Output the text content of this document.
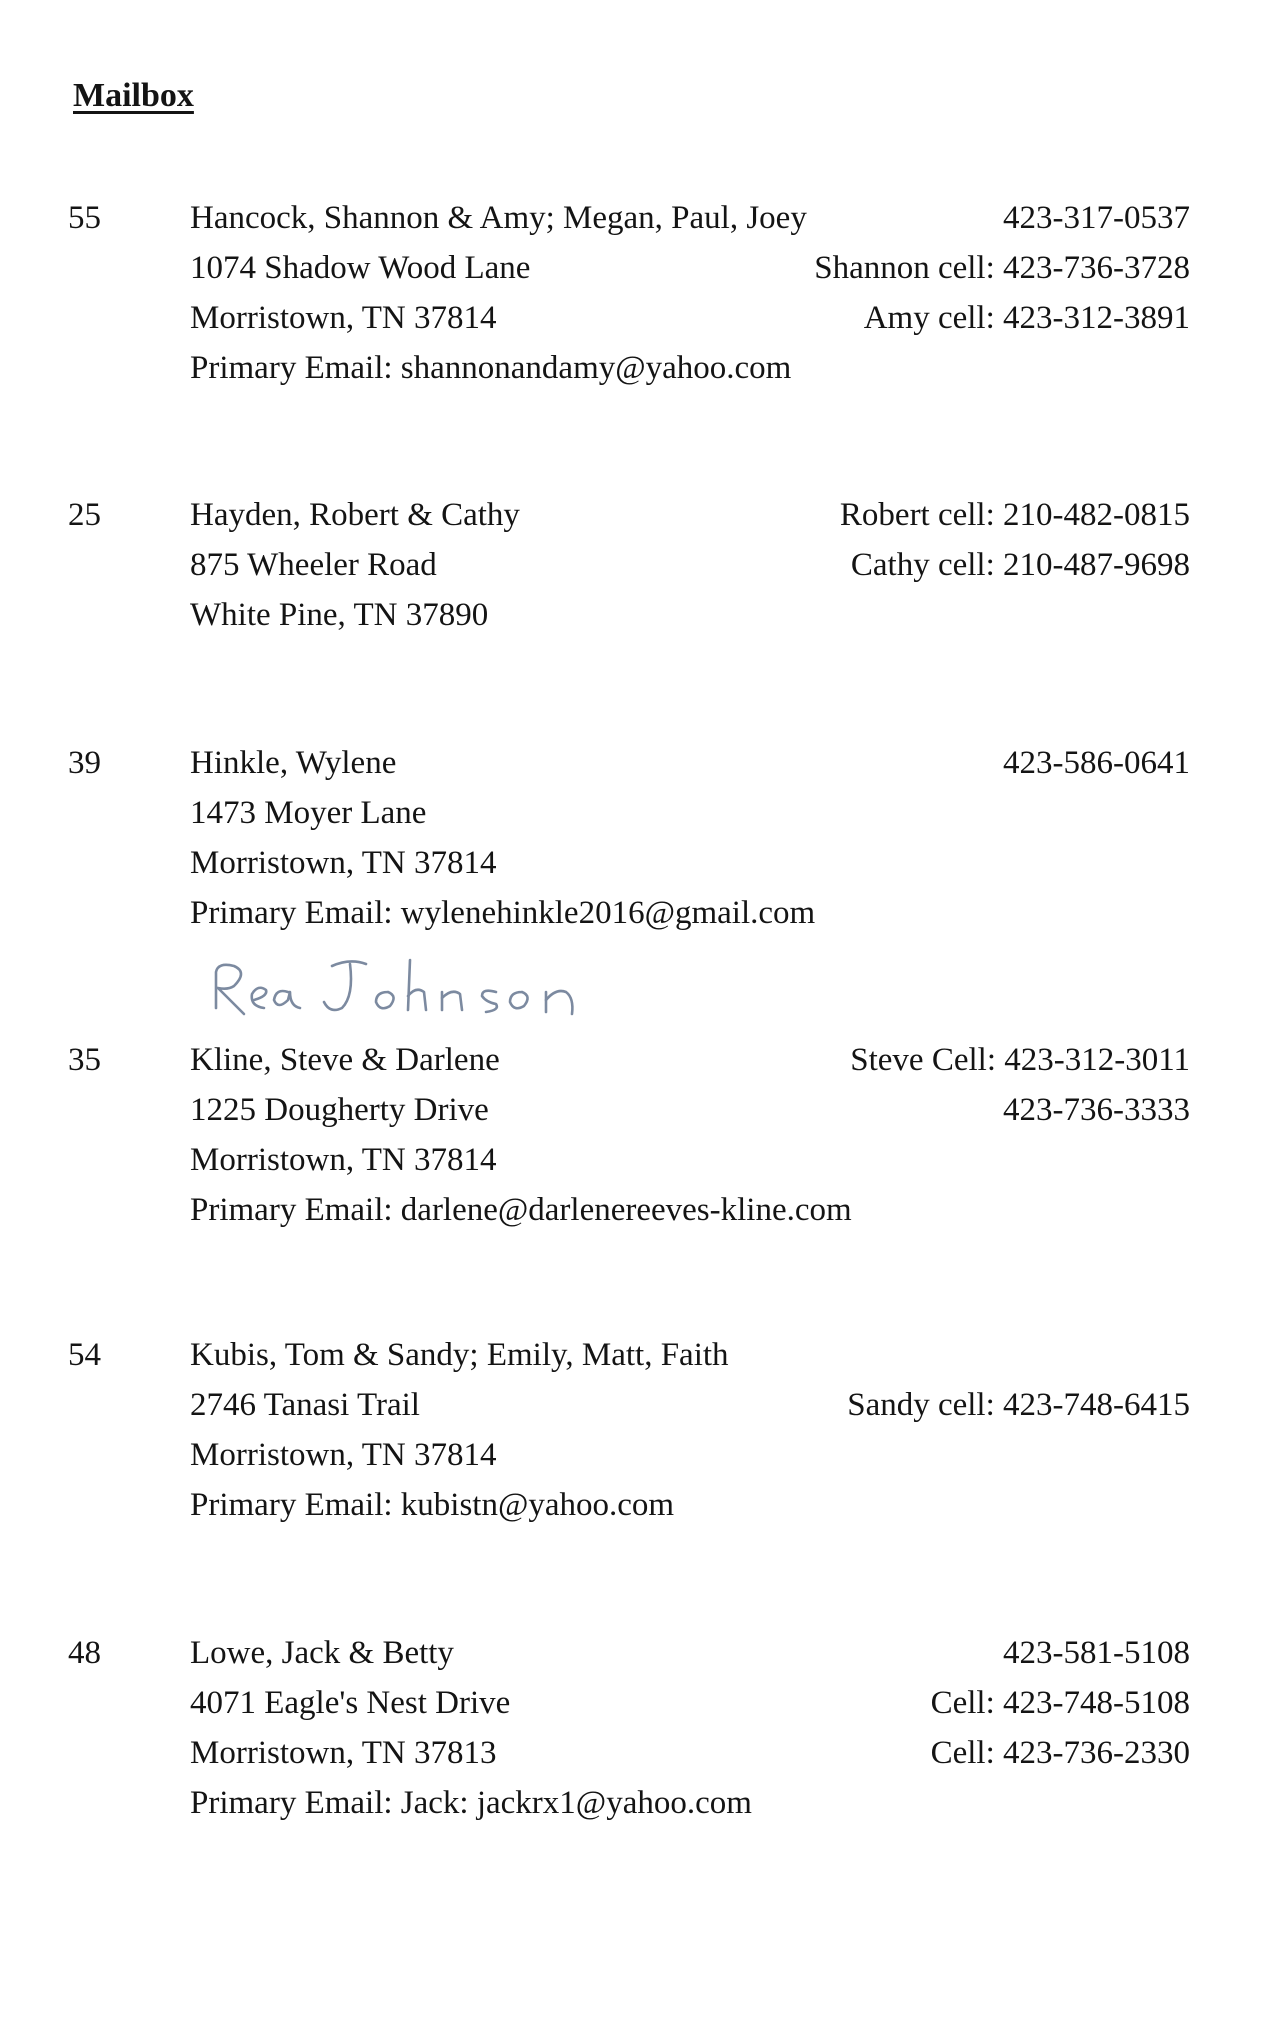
Mailbox
55	Hancock, Shannon & Amy; Megan, Paul, Joey	423-317-0537
1074 Shadow Wood Lane	Shannon cell: 423-736-3728
Morristown, TN 37814	Amy cell: 423-312-3891
Primary Email: shannonandamy@yahoo.com
25	Hayden, Robert & Cathy	Robert cell: 210-482-0815
875 Wheeler Road	Cathy cell: 210-487-9698
White Pine, TN 37890
39	Hinkle, Wylene	423-586-0641
1473 Moyer Lane
Morristown, TN 37814
Primary Email: wylenehinkle2016@gmail.com
35	Kline, Steve & Darlene	Steve Cell: 423-312-3011
1225 Dougherty Drive	423-736-3333
Morristown, TN 37814
Primary Email: darlene@darlenereeves-kline.com
54	Kubis, Tom & Sandy; Emily, Matt, Faith
2746 Tanasi Trail	Sandy cell: 423-748-6415
Morristown, TN 37814
Primary Email: kubistn@yahoo.com
48	Lowe, Jack & Betty	423-581-5108
4071 Eagle's Nest Drive	Cell: 423-748-5108
Morristown, TN 37813	Cell: 423-736-2330
Primary Email: Jack: jackrx1@yahoo.com
